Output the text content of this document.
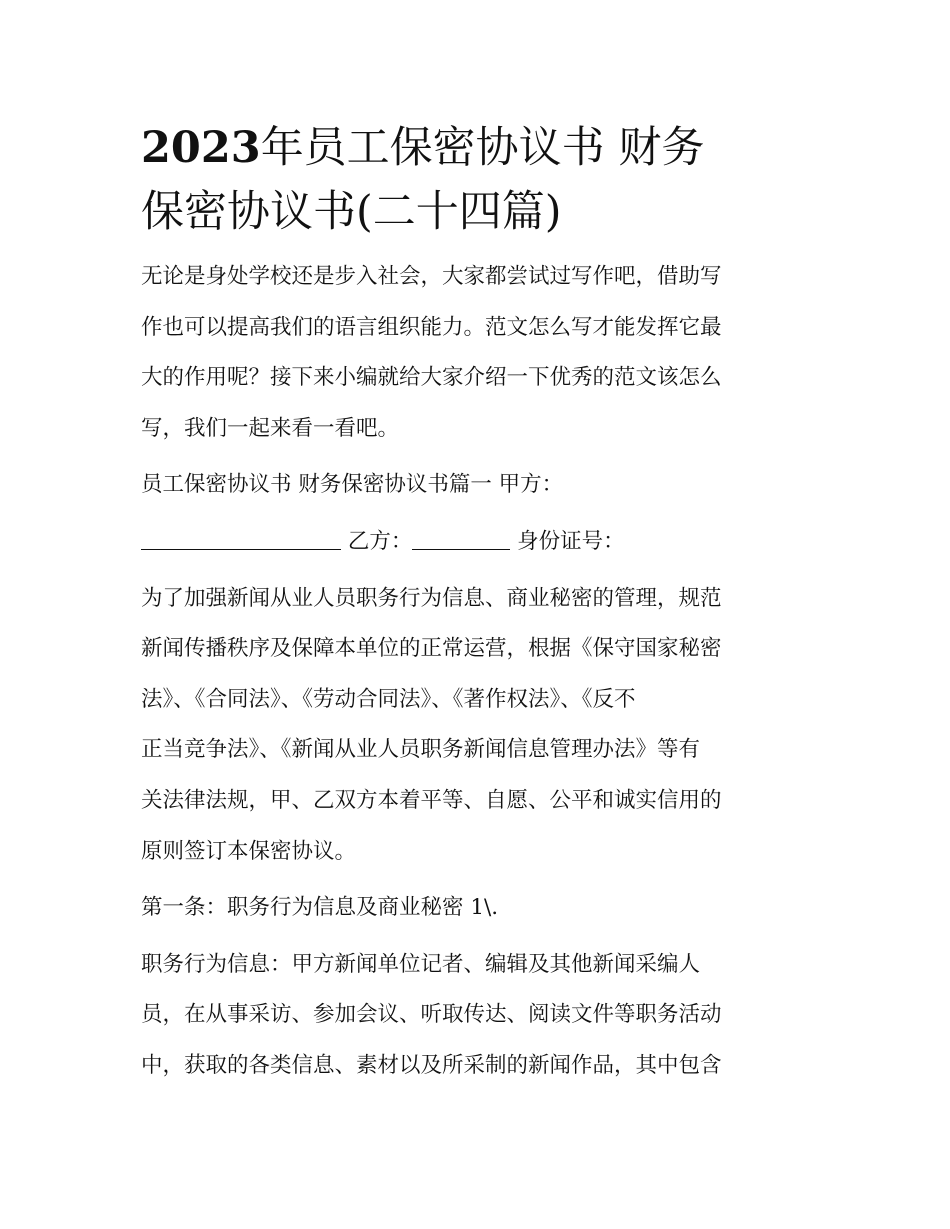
2023年员工保密协议书 财务
保密协议书(二十四篇)
无论是身处学校还是步入社会，大家都尝试过写作吧，借助写
作也可以提高我们的语言组织能力。范文怎么写才能发挥它最
大的作用呢？接下来小编就给大家介绍一下优秀的范文该怎么
写，我们一起来看一看吧。
员工保密协议书 财务保密协议书篇一 甲方：
乙方：	身份证号：
为了加强新闻从业人员职务行为信息、商业秘密的管理，规范
新闻传播秩序及保障本单位的正常运营，根据《保守国家秘密
法》、《合同法》、《劳动合同法》、《著作权法》、《反不
正当竞争法》、《新闻从业人员职务新闻信息管理办法》等有
关法律法规，甲、乙双方本着平等、自愿、公平和诚实信用的
原则签订本保密协议。
第一条：职务行为信息及商业秘密 1\.
职务行为信息：甲方新闻单位记者、编辑及其他新闻采编人
员，在从事采访、参加会议、听取传达、阅读文件等职务活动
中，获取的各类信息、素材以及所采制的新闻作品，其中包含
